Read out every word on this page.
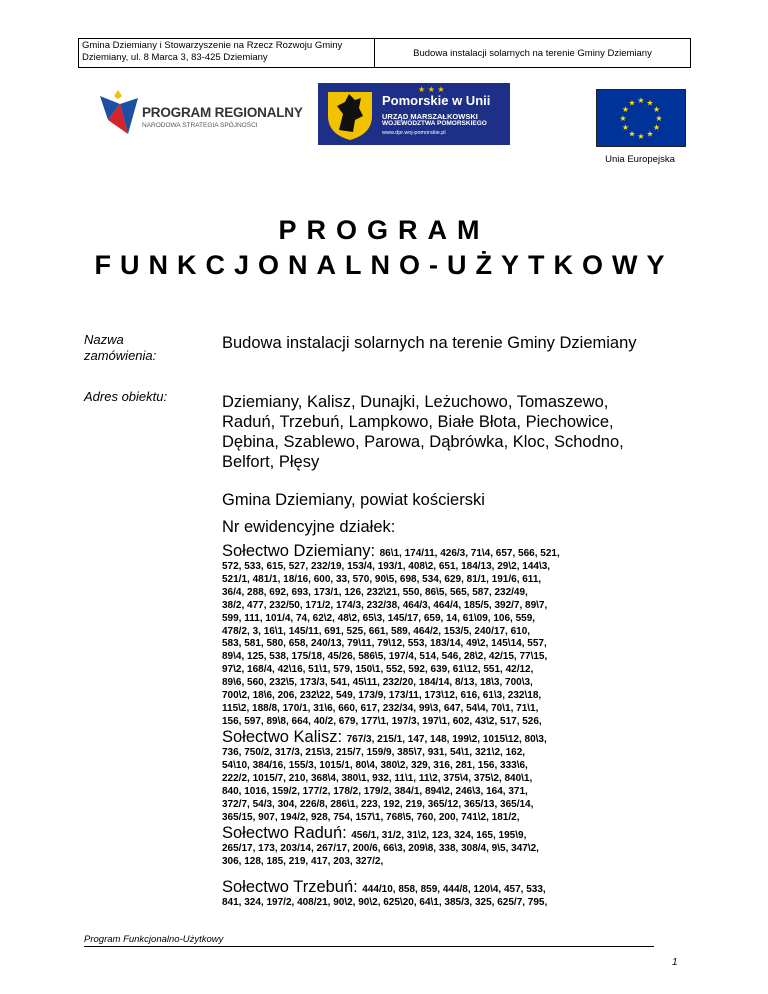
Gmina Dziemiany i Stowarzyszenie na Rzecz Rozwoju Gminy
Dziemiany, ul. 8 Marca 3, 83-425 Dziemiany	Budowa instalacji solarnych na terenie Gminy Dziemiany
PROGRAM REGIONALNY
NARODOWA STRATEGIA SPÓJNOŚCI
★ ★ ★
Pomorskie w Unii
URZĄD MARSZAŁKOWSKI
WOJEWÓDZTWA POMORSKIEGO
www.dpr.woj-pomorskie.pl
★ ★
★
★
★
★
★
★
★
★
★
★
Unia Europejska
PROGRAM
FUNKCJONALNO-UŻYTKOWY
Nazwa
zamówienia:
Budowa instalacji solarnych na terenie Gminy Dziemiany
Adres obiektu:	Dziemiany, Kalisz, Dunajki, Leżuchowo, Tomaszewo, Raduń, Trzebuń, Lampkowo, Białe Błota, Piechowice, Dębina, Szablewo, Parowa, Dąbrówka, Kloc, Schodno, Belfort, Płęsy
Gmina Dziemiany, powiat kościerski
Nr ewidencyjne działek:
Sołectwo Dziemiany: 86\1, 174/11, 426/3, 71\4, 657, 566, 521,
572, 533, 615, 527, 232/19, 153/4, 193/1, 408\2, 651, 184/13, 29\2, 144\3,
521/1, 481/1, 18/16, 600, 33, 570, 90\5, 698, 534, 629, 81/1, 191/6, 611,
36/4, 288, 692, 693, 173/1, 126, 232\21, 550, 86\5, 565, 587, 232/49,
38/2, 477, 232/50, 171/2, 174/3, 232/38, 464/3, 464/4, 185/5, 392/7, 89\7,
599, 111, 101/4, 74, 62\2, 48\2, 65\3, 145/17, 659, 14, 61\09, 106, 559,
478/2, 3, 16\1, 145/11, 691, 525, 661, 589, 464/2, 153/5, 240/17, 610,
583, 581, 580, 658, 240/13, 79\11, 79\12, 553, 183/14, 49\2, 145\14, 557,
89\4, 125, 538, 175/18, 45/26, 586\5, 197/4, 514, 546, 28\2, 42/15, 77\15,
97\2, 168/4, 42\16, 51\1, 579, 150\1, 552, 592, 639, 61\12, 551, 42/12,
89\6, 560, 232\5, 173/3, 541, 45\11, 232/20, 184/14, 8/13, 18\3, 700\3,
700\2, 18\6, 206, 232\22, 549, 173/9, 173/11, 173\12, 616, 61\3, 232\18,
115\2, 188/8, 170/1, 31\6, 660, 617, 232/34, 99\3, 647, 54\4, 70\1, 71\1,
156, 597, 89\8, 664, 40/2, 679, 177\1, 197/3, 197\1, 602, 43\2, 517, 526,
Sołectwo Kalisz: 767/3, 215/1, 147, 148, 199\2, 1015\12, 80\3,
736, 750/2, 317/3, 215\3, 215/7, 159/9, 385\7, 931, 54\1, 321\2, 162,
54\10, 384/16, 155/3, 1015/1, 80\4, 380\2, 329, 316, 281, 156, 333\6,
222/2, 1015/7, 210, 368\4, 380\1, 932, 11\1, 11\2, 375\4, 375\2, 840\1,
840, 1016, 159/2, 177/2, 178/2, 179/2, 384/1, 894\2, 246\3, 164, 371,
372/7, 54/3, 304, 226/8, 286\1, 223, 192, 219, 365/12, 365/13, 365/14,
365/15, 907, 194/2, 928, 754, 157\1, 768\5, 760, 200, 741\2, 181/2,
Sołectwo Raduń: 456/1, 31/2, 31\2, 123, 324, 165, 195\9,
265/17, 173, 203/14, 267/17, 200/6, 66\3, 209\8, 338, 308/4, 9\5, 347\2,
306, 128, 185, 219, 417, 203, 327/2,
Sołectwo Trzebuń: 444/10, 858, 859, 444/8, 120\4, 457, 533,
841, 324, 197/2, 408/21, 90\2, 90\2, 625\20, 64\1, 385/3, 325, 625/7, 795,
Program Funkcjonalno-Użytkowy
1
